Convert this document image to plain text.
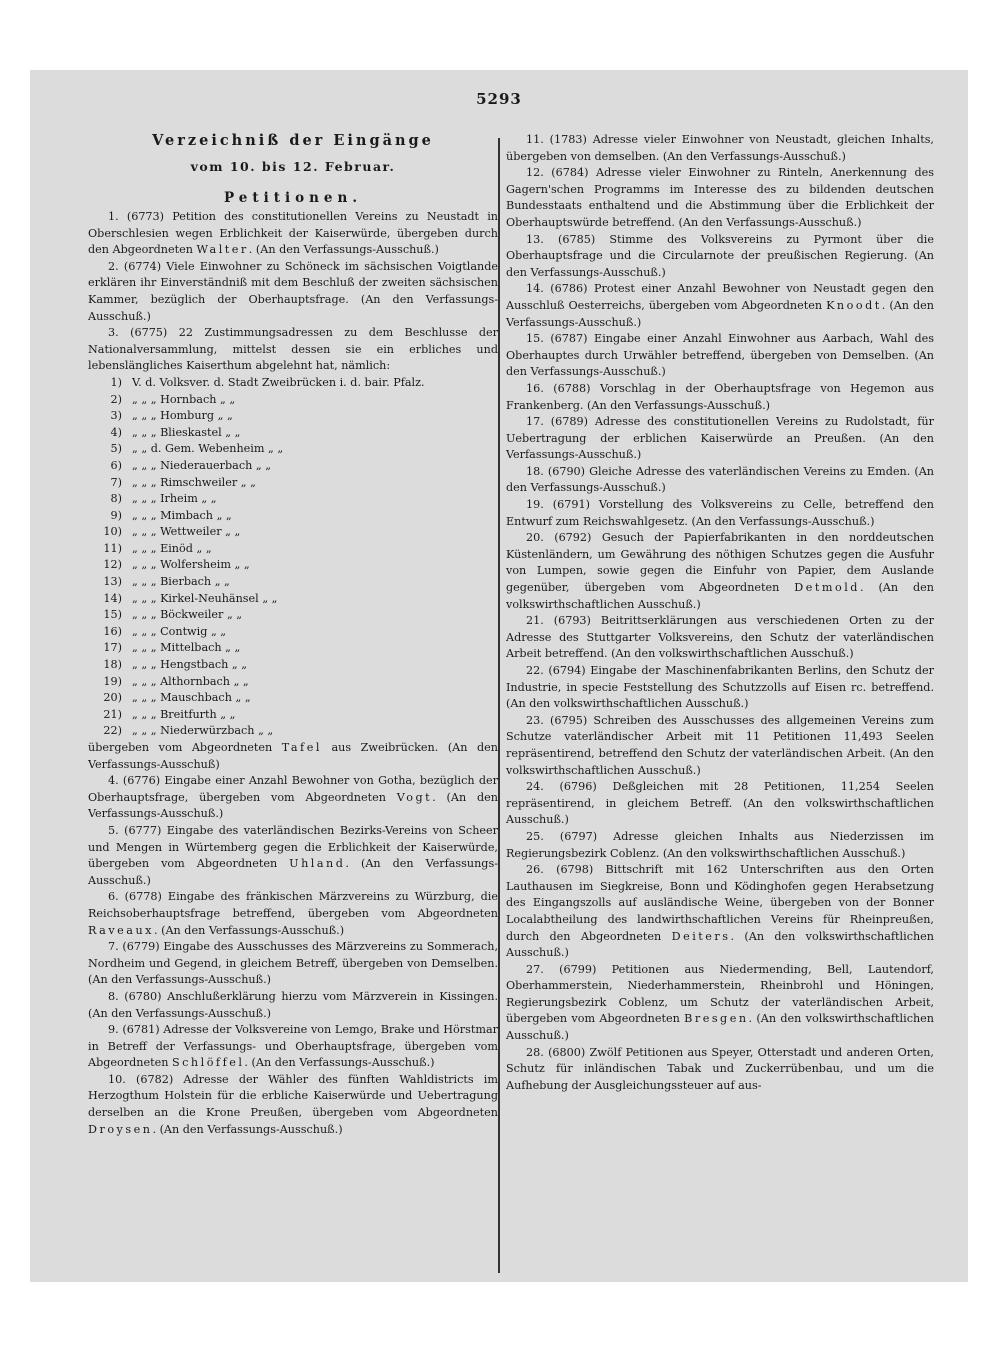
5293
Verzeichniß der Eingänge
vom 10. bis 12. Februar.
Petitionen.

1. (6773) Petition des constitutionellen Vereins zu Neustadt in Oberschlesien wegen Erblichkeit der Kaiserwürde, übergeben durch den Abgeordneten Walter. (An den Verfassungs-Ausschuß.)

2. (6774) Viele Einwohner zu Schöneck im sächsischen Voigtlande erklären ihr Einverständniß mit dem Beschluß der zweiten sächsischen Kammer, bezüglich der Oberhauptsfrage. (An den Verfassungs-Ausschuß.)

3. (6775) 22 Zustimmungsadressen zu dem Beschlusse der Nationalversammlung, mittelst dessen sie ein erbliches und lebenslängliches Kaiserthum abgelehnt hat, nämlich:

1) V. d. Volksver. d. Stadt Zweibrücken i. d. bair. Pfalz.
2) „ „ „ Hornbach „ „
3) „ „ „ Homburg „ „
4) „ „ „ Blieskastel „ „
5) „ „ d. Gem. Webenheim „ „
6) „ „ „ Niederauerbach „ „
7) „ „ „ Rimschweiler „ „
8) „ „ „ Irheim „ „
9) „ „ „ Mimbach „ „
10) „ „ „ Wettweiler „ „
11) „ „ „ Einöd „ „
12) „ „ „ Wolfersheim „ „
13) „ „ „ Bierbach „ „
14) „ „ „ Kirkel-Neuhänsel „ „
15) „ „ „ Böckweiler „ „
16) „ „ „ Contwig „ „
17) „ „ „ Mittelbach „ „
18) „ „ „ Hengstbach „ „
19) „ „ „ Althornbach „ „
20) „ „ „ Mauschbach „ „
21) „ „ „ Breitfurth „ „
22) „ „ „ Niederwürzbach „ „

übergeben vom Abgeordneten Tafel aus Zweibrücken. (An den Verfassungs-Ausschuß)

4. (6776) Eingabe einer Anzahl Bewohner von Gotha, bezüglich der Oberhauptsfrage, übergeben vom Abgeordneten Vogt. (An den Verfassungs-Ausschuß.)

5. (6777) Eingabe des vaterländischen Bezirks-Vereins von Scheer und Mengen in Würtemberg gegen die Erblichkeit der Kaiserwürde, übergeben vom Abgeordneten Uhland. (An den Verfassungs-Ausschuß.)

6. (6778) Eingabe des fränkischen Märzvereins zu Würzburg, die Reichsoberhauptsfrage betreffend, übergeben vom Abgeordneten Raveaux. (An den Verfassungs-Ausschuß.)

7. (6779) Eingabe des Ausschusses des Märzvereins zu Sommerach, Nordheim und Gegend, in gleichem Betreff, übergeben von Demselben. (An den Verfassungs-Ausschuß.)

8. (6780) Anschlußerklärung hierzu vom Märzverein in Kissingen. (An den Verfassungs-Ausschuß.)

9. (6781) Adresse der Volksvereine von Lemgo, Brake und Hörstmar in Betreff der Verfassungs- und Oberhauptsfrage, übergeben vom Abgeordneten Schlöffel. (An den Verfassungs-Ausschuß.)

10. (6782) Adresse der Wähler des fünften Wahldistricts im Herzogthum Holstein für die erbliche Kaiserwürde und Uebertragung derselben an die Krone Preußen, übergeben vom Abgeordneten Droysen. (An den Verfassungs-Ausschuß.)

11. (1783) Adresse vieler Einwohner von Neustadt, gleichen Inhalts, übergeben von demselben. (An den Verfassungs-Ausschuß.)

12. (6784) Adresse vieler Einwohner zu Rinteln, Anerkennung des Gagern'schen Programms im Interesse des zu bildenden deutschen Bundesstaats enthaltend und die Abstimmung über die Erblichkeit der Oberhauptswürde betreffend. (An den Verfassungs-Ausschuß.)

13. (6785) Stimme des Volksvereins zu Pyrmont über die Oberhauptsfrage und die Circularnote der preußischen Regierung. (An den Verfassungs-Ausschuß.)

14. (6786) Protest einer Anzahl Bewohner von Neustadt gegen den Ausschluß Oesterreichs, übergeben vom Abgeordneten Knoodt. (An den Verfassungs-Ausschuß.)

15. (6787) Eingabe einer Anzahl Einwohner aus Aarbach, Wahl des Oberhauptes durch Urwähler betreffend, übergeben von Demselben. (An den Verfassungs-Ausschuß.)

16. (6788) Vorschlag in der Oberhauptsfrage von Hegemon aus Frankenberg. (An den Verfassungs-Ausschuß.)

17. (6789) Adresse des constitutionellen Vereins zu Rudolstadt, für Uebertragung der erblichen Kaiserwürde an Preußen. (An den Verfassungs-Ausschuß.)

18. (6790) Gleiche Adresse des vaterländischen Vereins zu Emden. (An den Verfassungs-Ausschuß.)

19. (6791) Vorstellung des Volksvereins zu Celle, betreffend den Entwurf zum Reichswahlgesetz. (An den Verfassungs-Ausschuß.)

20. (6792) Gesuch der Papierfabrikanten in den norddeutschen Küstenländern, um Gewährung des nöthigen Schutzes gegen die Ausfuhr von Lumpen, sowie gegen die Einfuhr von Papier, dem Auslande gegenüber, übergeben vom Abgeordneten Detmold. (An den volkswirthschaftlichen Ausschuß.)

21. (6793) Beitrittserklärungen aus verschiedenen Orten zu der Adresse des Stuttgarter Volksvereins, den Schutz der vaterländischen Arbeit betreffend. (An den volkswirthschaftlichen Ausschuß.)

22. (6794) Eingabe der Maschinenfabrikanten Berlins, den Schutz der Industrie, in specie Feststellung des Schutzzolls auf Eisen rc. betreffend. (An den volkswirthschaftlichen Ausschuß.)

23. (6795) Schreiben des Ausschusses des allgemeinen Vereins zum Schutze vaterländischer Arbeit mit 11 Petitionen 11,493 Seelen repräsentirend, betreffend den Schutz der vaterländischen Arbeit. (An den volkswirthschaftlichen Ausschuß.)

24. (6796) Deßgleichen mit 28 Petitionen, 11,254 Seelen repräsentirend, in gleichem Betreff. (An den volkswirthschaftlichen Ausschuß.)

25. (6797) Adresse gleichen Inhalts aus Niederzissen im Regierungsbezirk Coblenz. (An den volkswirthschaftlichen Ausschuß.)

26. (6798) Bittschrift mit 162 Unterschriften aus den Orten Lauthausen im Siegkreise, Bonn und Ködinghofen gegen Herabsetzung des Eingangszolls auf ausländische Weine, übergeben von der Bonner Localabtheilung des landwirthschaftlichen Vereins für Rheinpreußen, durch den Abgeordneten Deiters. (An den volkswirthschaftlichen Ausschuß.)

27. (6799) Petitionen aus Niedermending, Bell, Lautendorf, Oberhammerstein, Niederhammerstein, Rheinbrohl und Höningen, Regierungsbezirk Coblenz, um Schutz der vaterländischen Arbeit, übergeben vom Abgeordneten Bresgen. (An den volkswirthschaftlichen Ausschuß.)

28. (6800) Zwölf Petitionen aus Speyer, Otterstadt und anderen Orten, Schutz für inländischen Tabak und Zuckerrübenbau, und um die Aufhebung der Ausgleichungssteuer auf aus-
